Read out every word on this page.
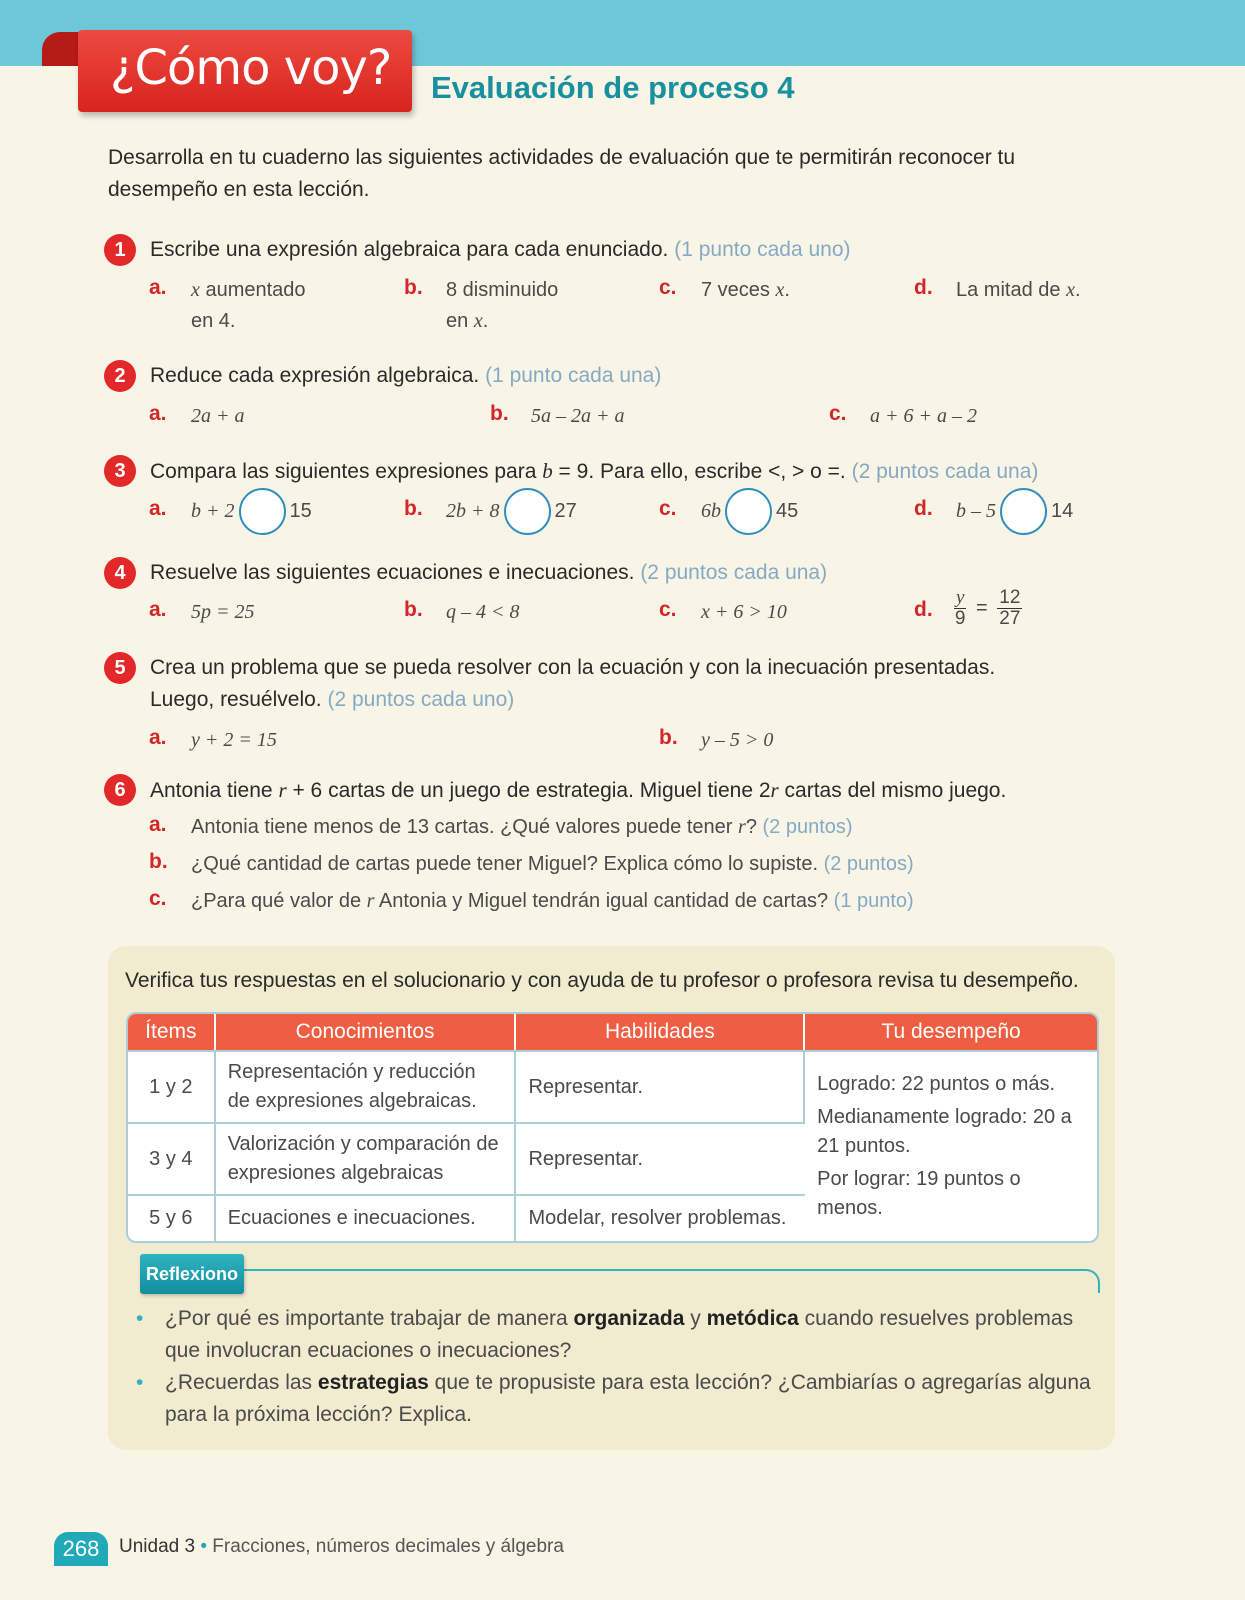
¿Cómo voy? Evaluación de proceso 4

Desarrolla en tu cuaderno las siguientes actividades de evaluación que te permitirán reconocer tu desempeño en esta lección.

1	Escribe una expresión algebraica para cada enunciado. (1 punto cada uno)
a. x aumentado
en 4.
b. 8 disminuido
en x.
c. 7 veces x.	d. La mitad de x.
2	Reduce cada expresión algebraica. (1 punto cada una)
a. 2a + a	b. 5a – 2a + a	c. a + 6 + a – 2
3	Compara las siguientes expresiones para b = 9. Para ello, escribe <, > o =. (2 puntos cada una)
a. b + 2	15	b. 2b + 8	27	c. 6b	45	d. b – 5	14
4	Resuelve las siguientes ecuaciones e inecuaciones. (2 puntos cada una)
a. 5p = 25	b. q – 4 < 8	c. x + 6 > 10	d. $\frac{y}{9} = \frac{12}{27}$
5	Crea un problema que se pueda resolver con la ecuación y con la inecuación presentadas.
Luego, resuélvelo. (2 puntos cada uno)
a. y + 2 = 15	b. y – 5 > 0
6	Antonia tiene r + 6 cartas de un juego de estrategia. Miguel tiene 2r cartas del mismo juego.
a. Antonia tiene menos de 13 cartas. ¿Qué valores puede tener r? (2 puntos)
b. ¿Qué cantidad de cartas puede tener Miguel? Explica cómo lo supiste. (2 puntos)
c. ¿Para qué valor de r Antonia y Miguel tendrán igual cantidad de cartas? (1 punto)
Verifica tus respuestas en el solucionario y con ayuda de tu profesor o profesora revisa tu desempeño.
Ítems	Conocimientos	Habilidades	Tu desempeño
1 y 2	Representación y reducción de expresiones algebraicas.	Representar.	Logrado: 22 puntos o más.

Medianamente logrado: 20 a 21 puntos.

Por lograr: 19 puntos o menos.

3 y 4	Valorización y comparación de expresiones algebraicas	Representar.	
5 y 6	Ecuaciones e inecuaciones.	Modelar, resolver problemas.	
Reflexiono
• ¿Por qué es importante trabajar de manera organizada y metódica cuando resuelves problemas que involucran ecuaciones o inecuaciones?
• ¿Recuerdas las estrategias que te propusiste para esta lección? ¿Cambiarías o agregarías alguna para la próxima lección? Explica.
268	Unidad 3 • Fracciones, números decimales y álgebra
